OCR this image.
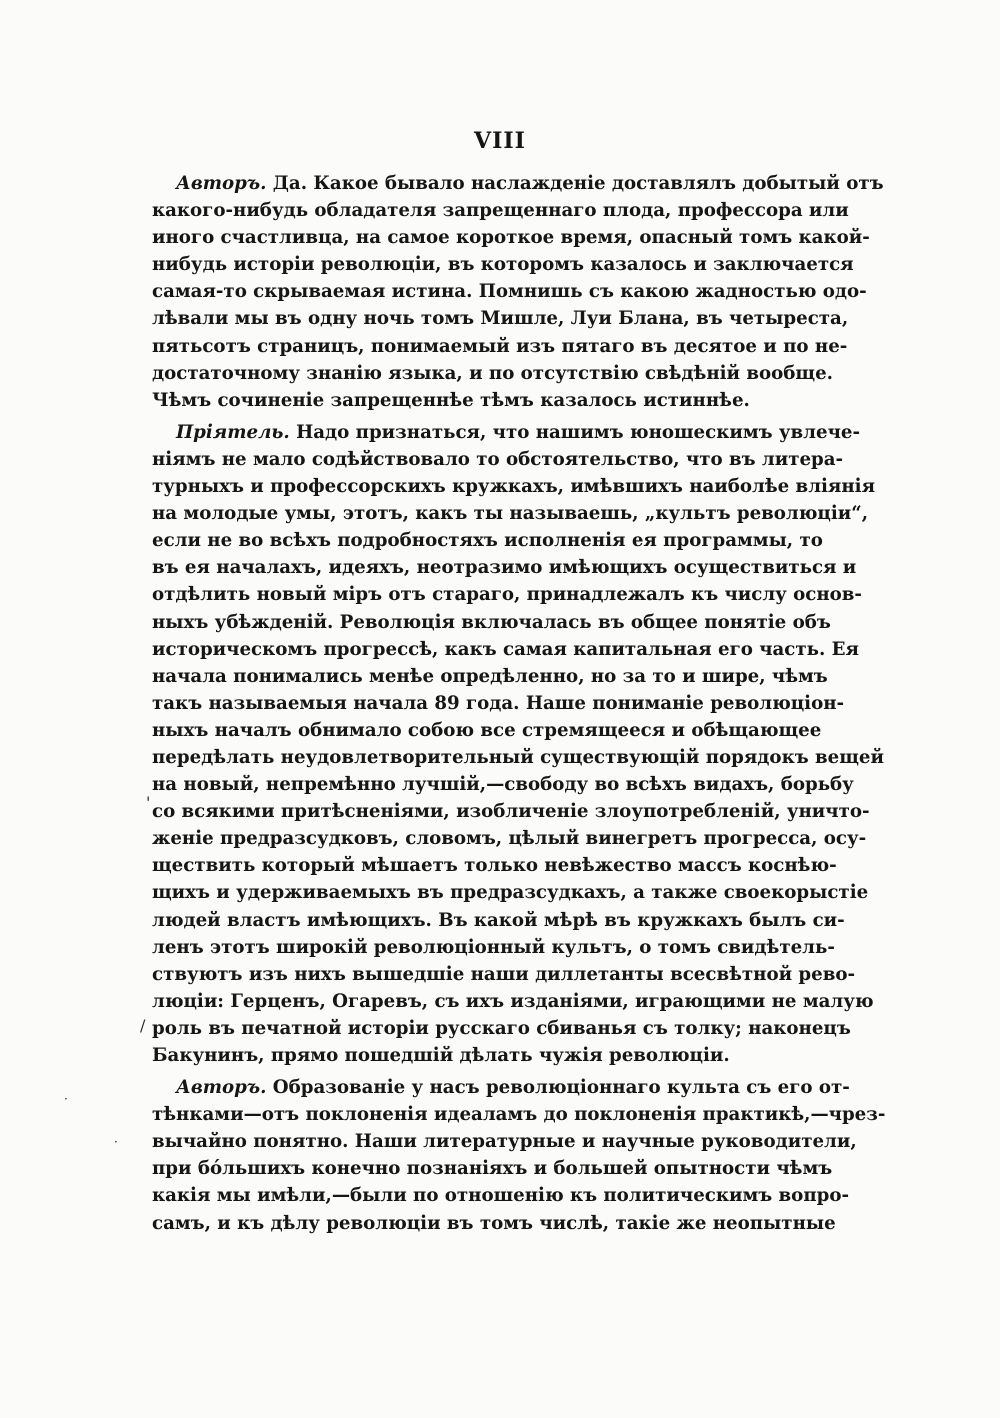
VIII
Авторъ. Да. Какое бывало наслажденіе доставлялъ добытый отъ
какого-нибудь обладателя запрещеннаго плода, профессора или
иного счастливца, на самое короткое время, опасный томъ какой-
нибудь исторіи революціи, въ которомъ казалось и заключается
самая-то скрываемая истина. Помнишь съ какою жадностью одо-
лѣвали мы въ одну ночь томъ Мишле, Луи Блана, въ четыреста,
пятьсотъ страницъ, понимаемый изъ пятаго въ десятое и по не-
достаточному знанію языка, и по отсутствію свѣдѣній вообще.
Чѣмъ сочиненіе запрещеннѣе тѣмъ казалось истиннѣе.
Пріятель. Надо признаться, что нашимъ юношескимъ увлече-
ніямъ не мало содѣйствовало то обстоятельство, что въ литера-
турныхъ и профессорскихъ кружкахъ, имѣвшихъ наиболѣе вліянія
на молодые умы, этотъ, какъ ты называешь, „культъ революціи“,
если не во всѣхъ подробностяхъ исполненія ея программы, то
въ ея началахъ, идеяхъ, неотразимо имѣющихъ осуществиться и
отдѣлить новый міръ отъ стараго, принадлежалъ къ числу основ-
ныхъ убѣжденій. Революція включалась въ общее понятіе объ
историческомъ прогрессѣ, какъ самая капитальная его часть. Ея
начала понимались менѣе опредѣленно, но за то и шире, чѣмъ
такъ называемыя начала 89 года. Наше пониманіе революціон-
ныхъ началъ обнимало собою все стремящееся и обѣщающее
передѣлать неудовлетворительный существующій порядокъ вещей
на новый, непремѣнно лучшій,—свободу во всѣхъ видахъ, борьбу
со всякими притѣсненіями, изобличеніе злоупотребленій, уничто-
женіе предразсудковъ, словомъ, цѣлый винегретъ прогресса, осу-
ществить который мѣшаетъ только невѣжество массъ коснѣю-
щихъ и удерживаемыхъ въ предразсудкахъ, а также своекорыстіе
людей властъ имѣющихъ. Въ какой мѣрѣ въ кружкахъ былъ си-
ленъ этотъ широкій революціонный культъ, о томъ свидѣтель-
ствуютъ изъ нихъ вышедшіе наши диллетанты всесвѣтной рево-
люціи: Герценъ, Огаревъ, съ ихъ изданіями, играющими не малую
роль въ печатной исторіи русскаго сбиванья съ толку; наконецъ
Бакунинъ, прямо пошедшій дѣлать чужія революціи.
Авторъ. Образованіе у насъ революціоннаго культа съ его от-
тѣнками—отъ поклоненія идеаламъ до поклоненія практикѣ,—чрез-
вычайно понятно. Наши литературные и научные руководители,
при бо́льшихъ конечно познаніяхъ и большей опытности чѣмъ
какія мы имѣли,—были по отношенію къ политическимъ вопро-
самъ, и къ дѣлу революціи въ томъ числѣ, такіе же неопытные
'
/
·
·
